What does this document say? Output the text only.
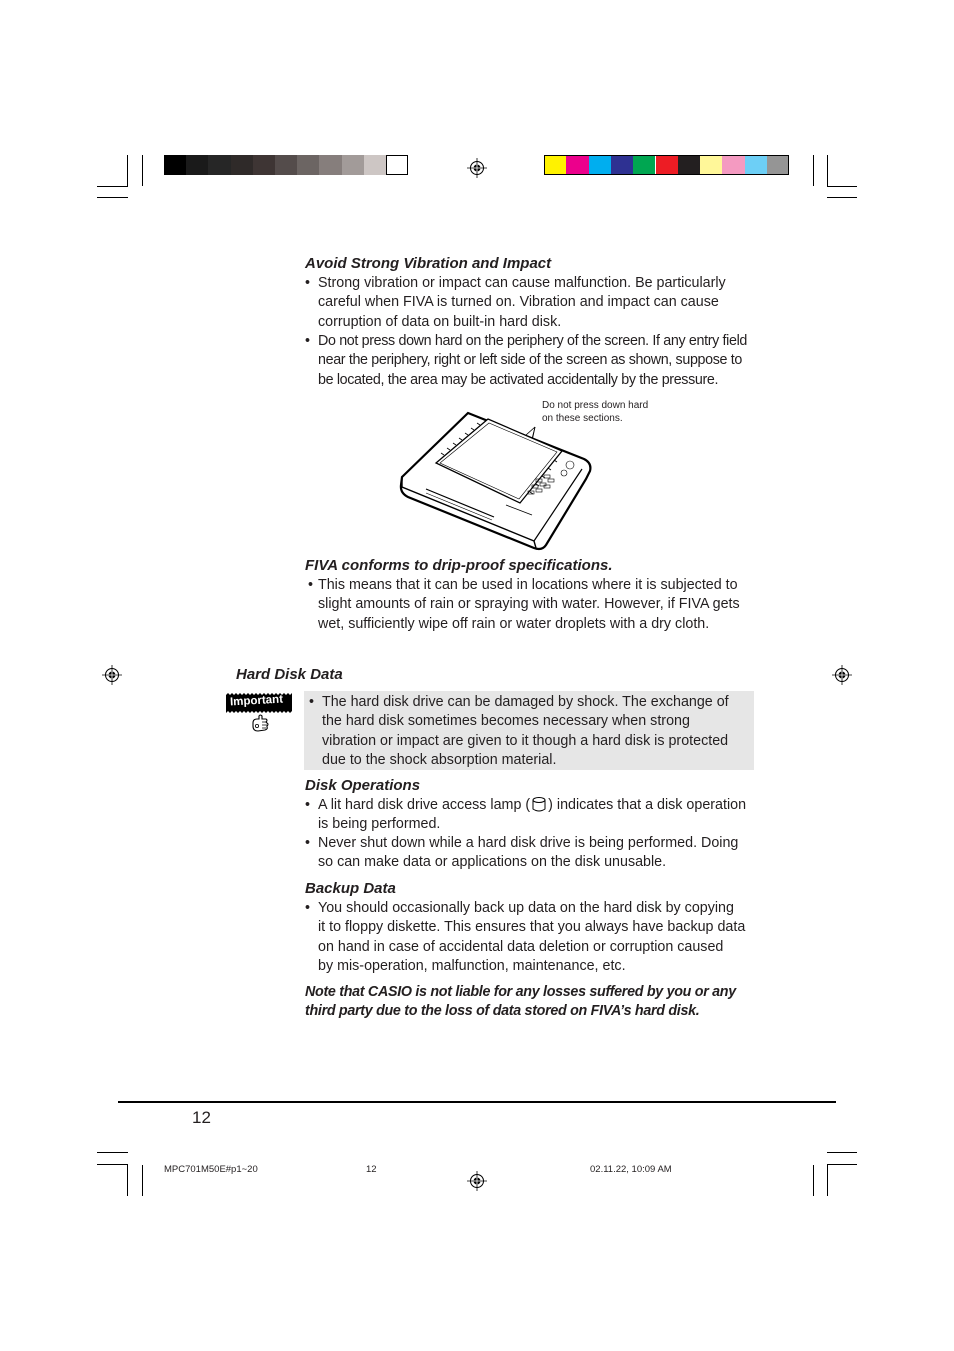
Avoid Strong Vibration and Impact
• Strong vibration or impact can cause malfunction. Be particularly
careful when FIVA is turned on. Vibration and impact can cause
corruption of data on built-in hard disk.
• Do not press down hard on the periphery of the screen. If any entry field
near the periphery, right or left side of the screen as shown, suppose to
be located, the area may be activated accidentally by the pressure.
Do not press down hard
on these sections.
FIVA conforms to drip-proof specifications.
• This means that it can be used in locations where it is subjected to
slight amounts of rain or spraying with water. However, if FIVA gets
wet, sufficiently wipe off rain or water droplets with a dry cloth.
Hard Disk Data
Important • The hard disk drive can be damaged by shock. The exchange of
the hard disk sometimes becomes necessary when strong
vibration or impact are given to it though a hard disk is protected
due to the shock absorption material.
Disk Operations
• A lit hard disk drive access lamp ( ) indicates that a disk operation
is being performed.
• Never shut down while a hard disk drive is being performed. Doing
so can make data or applications on the disk unusable.
Backup Data
• You should occasionally back up data on the hard disk by copying
it to floppy diskette. This ensures that you always have backup data
on hand in case of accidental data deletion or corruption caused
by mis-operation, malfunction, maintenance, etc.
Note that CASIO is not liable for any losses suffered by you or any
third party due to the loss of data stored on FIVA’s hard disk.
12
MPC701M50E#p1~20	12	02.11.22, 10:09 AM
